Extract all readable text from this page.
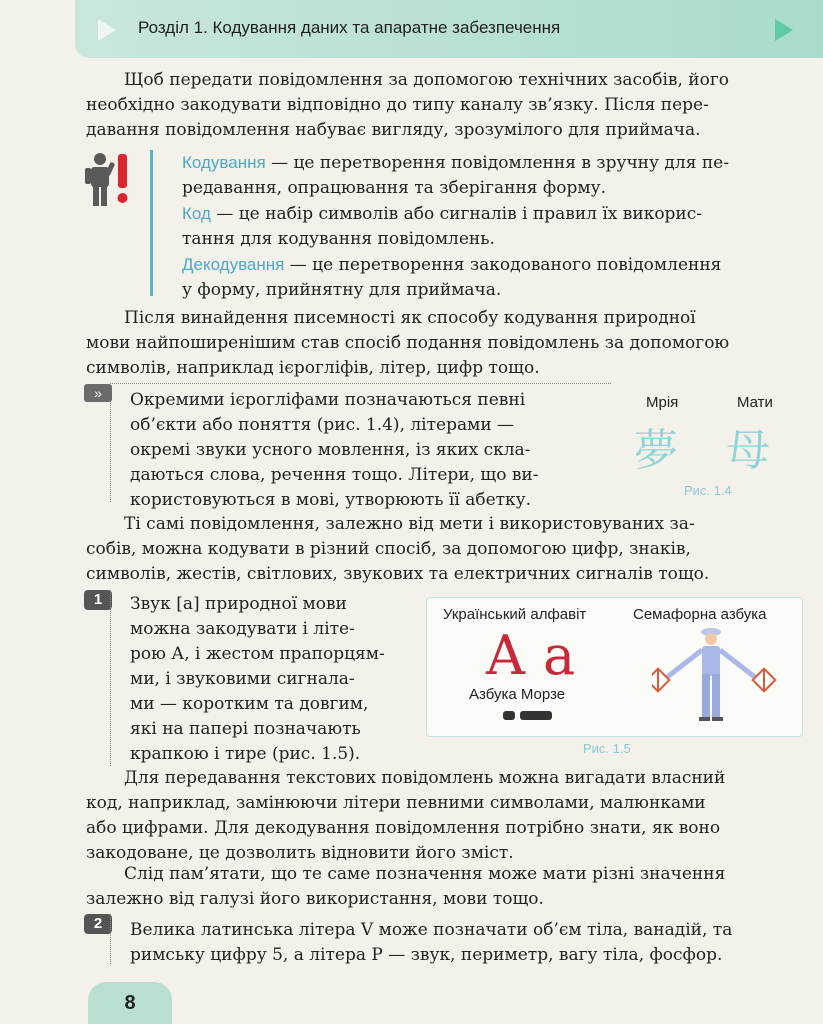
Розділ 1. Кодування даних та апаратне забезпечення
Щоб передати повідомлення за допомогою технічних засобів, його
необхідно закодувати відповідно до типу каналу зв’язку. Після пере-
давання повідомлення набуває вигляду, зрозумілого для приймача.
Кодування — це перетворення повідомлення в зручну для пе-
редавання, опрацювання та зберігання форму.
Код — це набір символів або сигналів і правил їх викорис-
тання для кодування повідомлень.
Декодування — це перетворення закодованого повідомлення
у форму, прийнятну для приймача.
Після винайдення писемності як способу кодування природної
мови найпоширенішим став спосіб подання повідомлень за допомогою
символів, наприклад ієрогліфів, літер, цифр тощо.
»	Окремими ієрогліфами позначаються певні
об’єкти або поняття (рис. 1.4), літерами —
окремі звуки усного мовлення, із яких скла-
даються слова, речення тощо. Літери, що ви-
користовуються в мові, утворюють її абетку.
Мрія	Мати
夢 母
Рис. 1.4
Ті самі повідомлення, залежно від мети і використовуваних за-
собів, можна кодувати в різний спосіб, за допомогою цифр, знаків,
символів, жестів, світлових, звукових та електричних сигналів тощо.
1	Звук [а] природної мови
можна закодувати і літе-
рою А, і жестом прапорцям-
ми, і звуковими сигнала-
ми — коротким та довгим,
які на папері позначають
крапкою і тире (рис. 1.5).
Український алфавіт	Семафорна азбука
А а
Азбука Морзе
Рис. 1.5
Для передавання текстових повідомлень можна вигадати власний
код, наприклад, замінюючи літери певними символами, малюнками
або цифрами. Для декодування повідомлення потрібно знати, як воно
закодоване, це дозволить відновити його зміст.
Слід пам’ятати, що те саме позначення може мати різні значення
залежно від галузі його використання, мови тощо.
2	Велика латинська літера V може позначати об’єм тіла, ванадій, та
римську цифру 5, а літера Р — звук, периметр, вагу тіла, фосфор.
8
